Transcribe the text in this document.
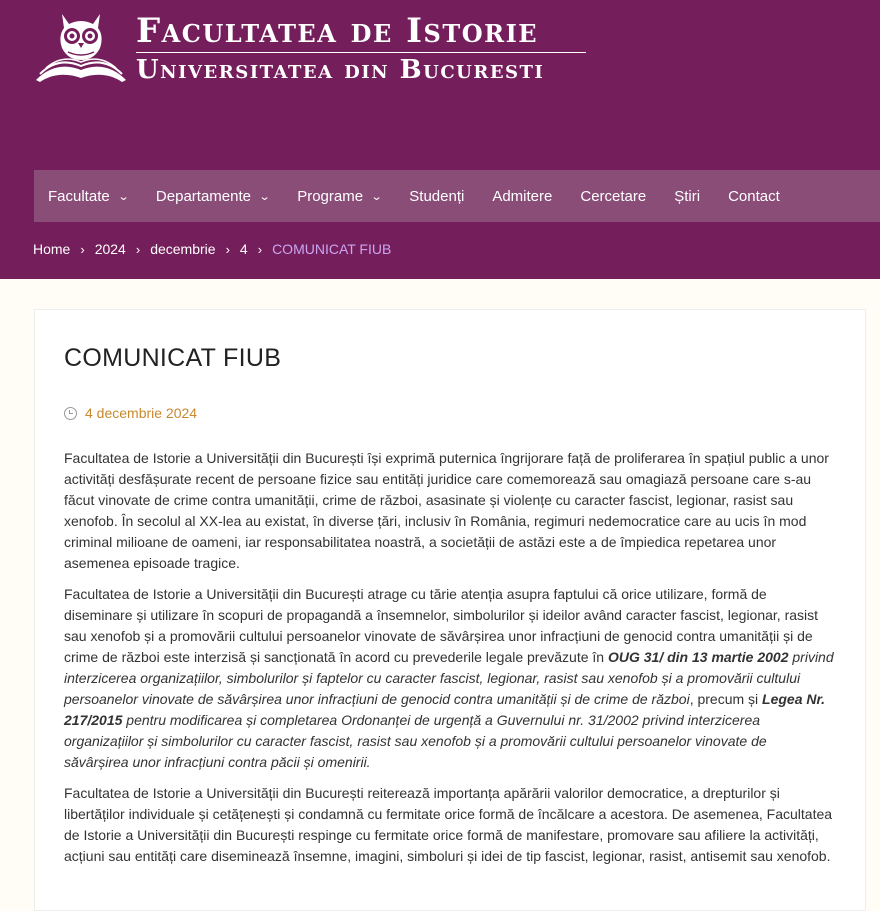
Facultatea de Istorie
Universitatea din Bucuresti
Facultate ⌄ Departamente ⌄ Programe ⌄ Studenți Admitere Cercetare Știri Contact
Home › 2024 › decembrie › 4 › COMUNICAT FIUB
COMUNICAT FIUB
4 decembrie 2024

Facultatea de Istorie a Universității din București își exprimă puternica îngrijorare față de proliferarea în spațiul public a unor activități desfășurate recent de persoane fizice sau entități juridice care comemorează sau omagiază persoane care s-au făcut vinovate de crime contra umanității, crime de război, asasinate și violențe cu caracter fascist, legionar, rasist sau xenofob. În secolul al XX-lea au existat, în diverse țări, inclusiv în România, regimuri nedemocratice care au ucis în mod criminal milioane de oameni, iar responsabilitatea noastră, a societății de astăzi este a de împiedica repetarea unor asemenea episoade tragice.

Facultatea de Istorie a Universității din București atrage cu tărie atenția asupra faptului că orice utilizare, formă de diseminare și utilizare în scopuri de propagandă a însemnelor, simbolurilor și ideilor având caracter fascist, legionar, rasist sau xenofob și a promovării cultului persoanelor vinovate de săvârșirea unor infracțiuni de genocid contra umanității și de crime de război este interzisă și sancționată în acord cu prevederile legale prevăzute în OUG 31/ din 13 martie 2002 privind interzicerea organizațiilor, simbolurilor și faptelor cu caracter fascist, legionar, rasist sau xenofob și a promovării cultului persoanelor vinovate de săvârșirea unor infracțiuni de genocid contra umanității și de crime de război, precum și Legea Nr. 217/2015 pentru modificarea și completarea Ordonanței de urgență a Guvernului nr. 31/2002 privind interzicerea organizațiilor și simbolurilor cu caracter fascist, rasist sau xenofob și a promovării cultului persoanelor vinovate de săvârșirea unor infracțiuni contra păcii și omenirii.

Facultatea de Istorie a Universității din București reiterează importanța apărării valorilor democratice, a drepturilor și libertăților individuale și cetățenești și condamnă cu fermitate orice formă de încălcare a acestora. De asemenea, Facultatea de Istorie a Universității din București respinge cu fermitate orice formă de manifestare, promovare sau afiliere la activități, acțiuni sau entități care diseminează însemne, imagini, simboluri și idei de tip fascist, legionar, rasist, antisemit sau xenofob.
